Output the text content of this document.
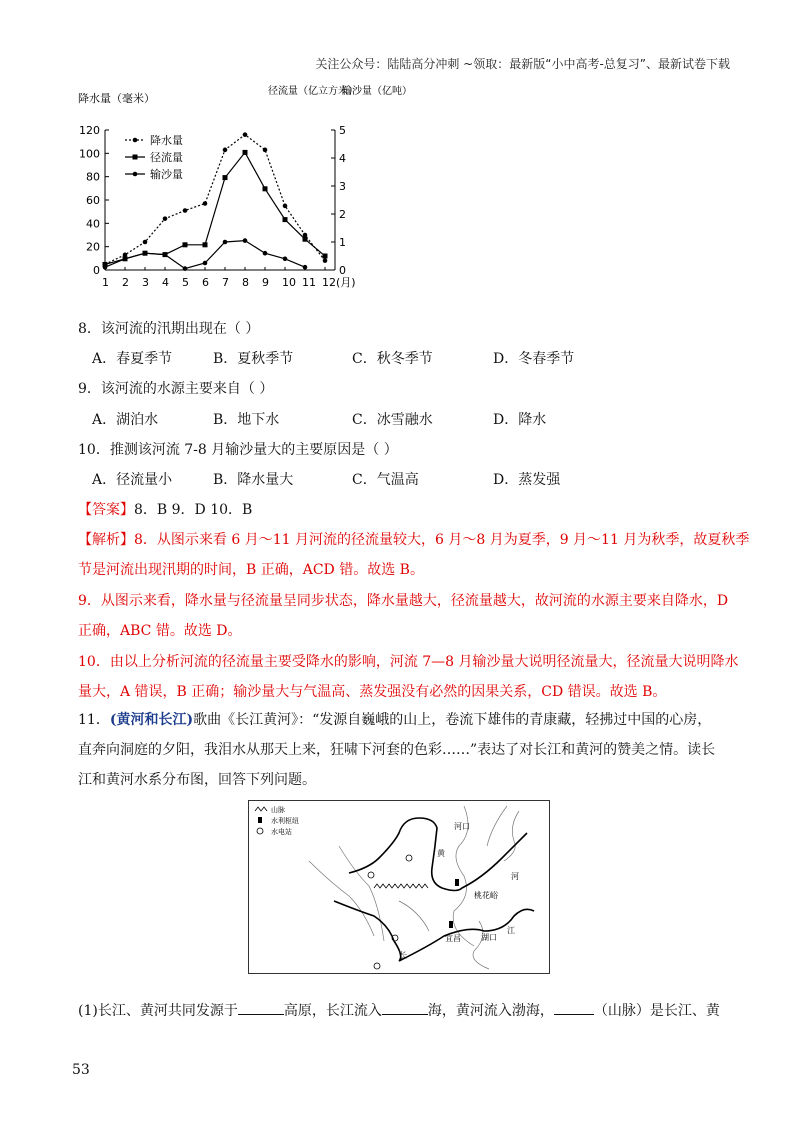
关注公众号：陆陆高分冲刺 ~领取：最新版“小中高考-总复习”、最新试卷下载
降水量（毫米）
径流量（亿立方米）
输沙量（亿吨）
0
20
40
60
80
100
120
0
1
2
3
4
5
1 2 3 4 5 6 7 8 9 10 11 12(月)
降水量
径流量
输沙量
8．该河流的汛期出现在（ ）
A．春夏季节	B．夏秋季节	C．秋冬季节	D．冬春季节
9．该河流的水源主要来自（ ）
A．湖泊水	B．地下水	C．冰雪融水	D．降水
10．推测该河流 7-8 月输沙量大的主要原因是（ ）
A．径流量小	B．降水量大	C．气温高	D．蒸发强
【答案】8．B 9．D 10．B
【解析】8．从图示来看 6 月～11 月河流的径流量较大，6 月～8 月为夏季，9 月～11 月为秋季，故夏秋季
节是河流出现汛期的时间，B 正确，ACD 错。故选 B。
9．从图示来看，降水量与径流量呈同步状态，降水量越大，径流量越大，故河流的水源主要来自降水，D
正确，ABC 错。故选 D。
10．由以上分析河流的径流量主要受降水的影响，河流 7—8 月输沙量大说明径流量大，径流量大说明降水
量大，A 错误，B 正确；输沙量大与气温高、蒸发强没有必然的因果关系，CD 错误。故选 B。
11．(黄河和长江)歌曲《长江黄河》：“发源自巍峨的山上，卷流下雄伟的青康藏，轻拂过中国的心房，
直奔向洞庭的夕阳，我泪水从那天上来，狂啸下河套的色彩……”表达了对长江和黄河的赞美之情。读长
江和黄河水系分布图，回答下列问题。
山脉
水利枢纽
水电站
黄
河
河口
桃花峪
宜昌	湖口
江
长
(1)长江、黄河共同发源于	高原，长江流入	海，黄河流入渤海，	（山脉）是长江、黄
53
